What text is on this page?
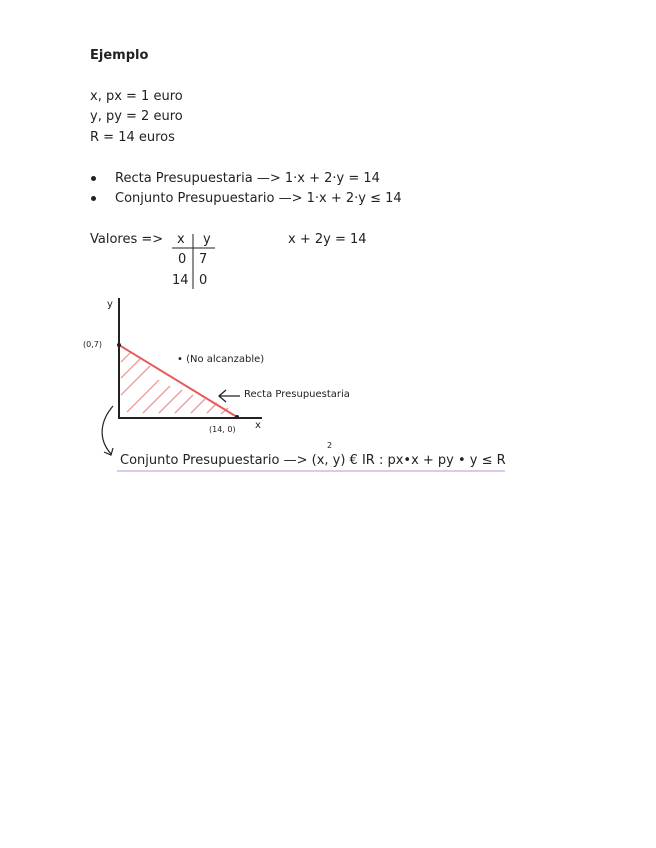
Ejemplo
x, px = 1 euro
y, py = 2 euro
R = 14 euros
Recta Presupuestaria —> 1·x + 2·y = 14
Conjunto Presupuestario —> 1·x + 2·y ≤ 14
Valores => x y
0 7
14 0
x + 2y = 14
y
x
(0,7)
(14, 0)
• (No alcanzable)
Recta Presupuestaria
2
Conjunto Presupuestario —> (x, y) € IR : px•x + py • y ≤ R
